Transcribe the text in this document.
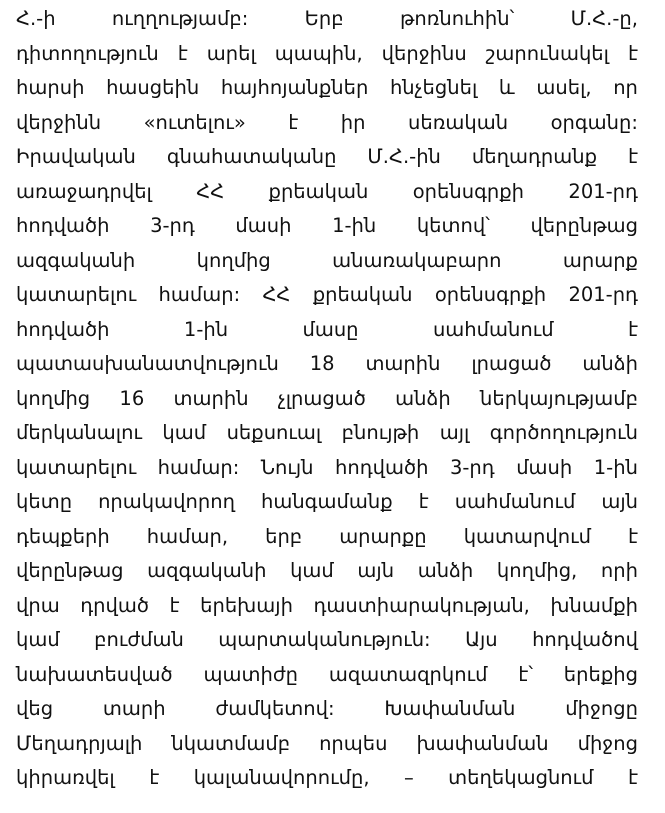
Հ.-ի	ուղղությամբ:	Երբ	թոռնուհին՝	Մ.Հ.-ը,
դիտողություն է արել պապին, վերջինս շարունակել է
հարսի հասցեին հայհոյանքներ հնչեցնել և ասել, որ
վերջինն «ուտելու» է իր սեռական օրգանը:
Իրավական գնահատականը Մ.Հ.-ին մեղադրանք է
առաջադրվել ՀՀ քրեական օրենսգրքի 201-րդ
հոդվածի 3-րդ մասի 1-ին կետով՝ վերընթաց
ազգականի	կողմից	անառակաբարո	արարք
կատարելու համար: ՀՀ քրեական օրենսգրքի 201-րդ
հոդվածի	1-ին	մասը	սահմանում	է
պատասխանատվություն 18 տարին լրացած անձի
կողմից 16 տարին չլրացած անձի ներկայությամբ
մերկանալու կամ սեքսուալ բնույթի այլ գործողություն
կատարելու համար: Նույն հոդվածի 3-րդ մասի 1-ին
կետը որակավորող հանգամանք է սահմանում այն
դեպքերի համար, երբ արարքը կատարվում է
վերընթաց ազգականի կամ այն անձի կողմից, որի
վրա դրված է երեխայի դաստիարակության, խնամքի
կամ բուժման պարտականություն: Այս հոդվածով
նախատեսված պատիժը ազատազրկում է՝ երեքից
վեց	տարի	ժամկետով:	Խափանման	միջոցը
Մեղադրյալի նկատմամբ որպես խափանման միջոց
կիրառվել է կալանավորումը, – տեղեկացնում է
